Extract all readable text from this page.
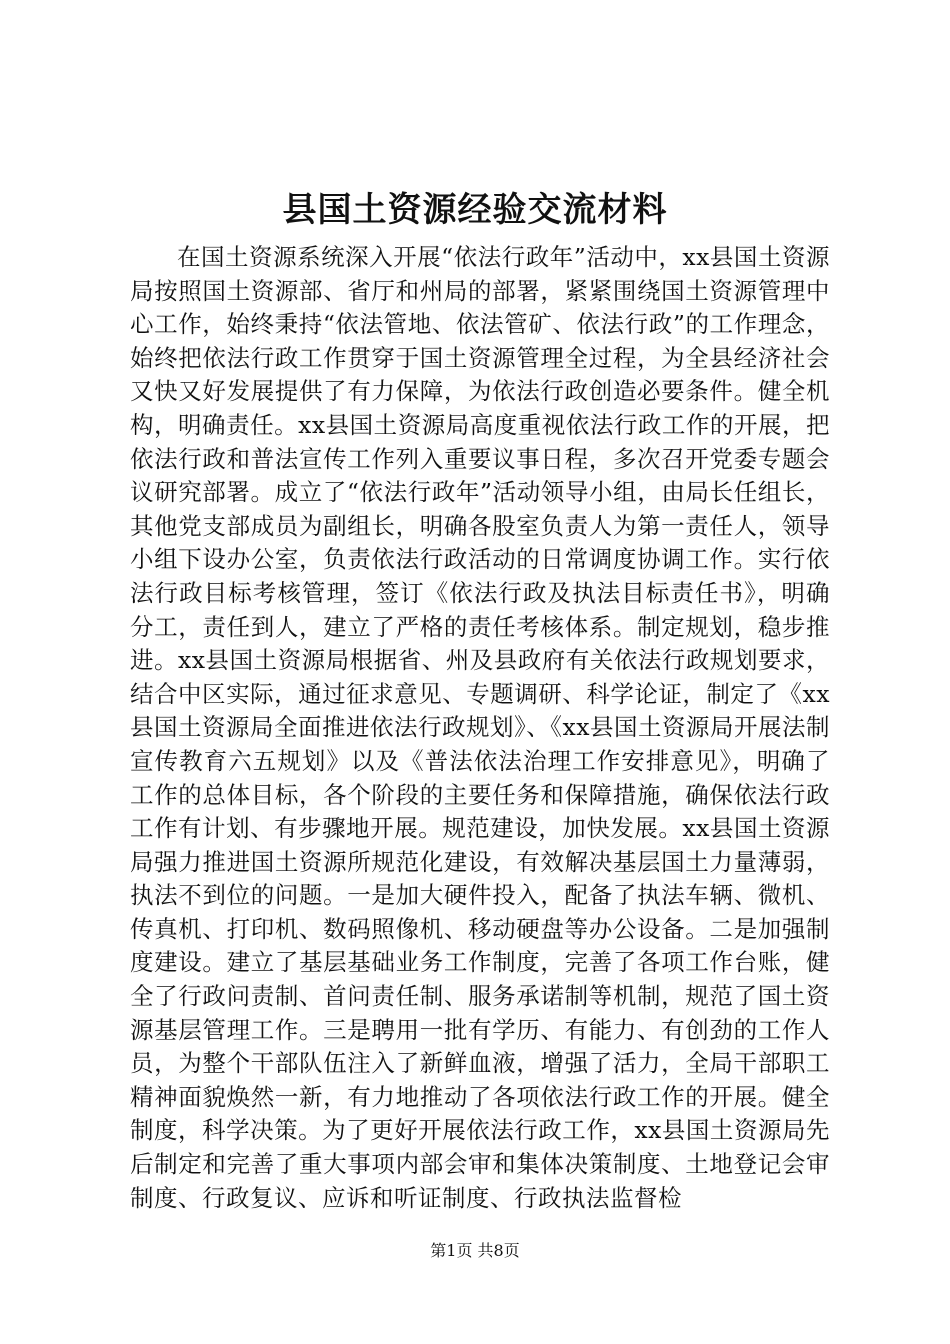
县国土资源经验交流材料

在国土资源系统深入开展“依法行政年”活动中，xx县国土资源局按照国土资源部、省厅和州局的部署，紧紧围绕国土资源管理中心工作，始终秉持“依法管地、依法管矿、依法行政”的工作理念，始终把依法行政工作贯穿于国土资源管理全过程，为全县经济社会又快又好发展提供了有力保障，为依法行政创造必要条件。健全机构，明确责任。xx县国土资源局高度重视依法行政工作的开展，把依法行政和普法宣传工作列入重要议事日程，多次召开党委专题会议研究部署。成立了“依法行政年”活动领导小组，由局长任组长，其他党支部成员为副组长，明确各股室负责人为第一责任人，领导小组下设办公室，负责依法行政活动的日常调度协调工作。实行依法行政目标考核管理，签订《依法行政及执法目标责任书》，明确分工，责任到人，建立了严格的责任考核体系。制定规划，稳步推进。xx县国土资源局根据省、州及县政府有关依法行政规划要求，结合中区实际，通过征求意见、专题调研、科学论证，制定了《xx县国土资源局全面推进依法行政规划》、《xx县国土资源局开展法制宣传教育六五规划》以及《普法依法治理工作安排意见》，明确了工作的总体目标，各个阶段的主要任务和保障措施，确保依法行政工作有计划、有步骤地开展。规范建设，加快发展。xx县国土资源局强力推进国土资源所规范化建设，有效解决基层国土力量薄弱，执法不到位的问题。一是加大硬件投入，配备了执法车辆、微机、传真机、打印机、数码照像机、移动硬盘等办公设备。二是加强制度建设。建立了基层基础业务工作制度，完善了各项工作台账，健全了行政问责制、首问责任制、服务承诺制等机制，规范了国土资源基层管理工作。三是聘用一批有学历、有能力、有创劲的工作人员，为整个干部队伍注入了新鲜血液，增强了活力，全局干部职工精神面貌焕然一新，有力地推动了各项依法行政工作的开展。健全制度，科学决策。为了更好开展依法行政工作，xx县国土资源局先后制定和完善了重大事项内部会审和集体决策制度、土地登记会审制度、行政复议、应诉和听证制度、行政执法监督检

第1页 共8页
